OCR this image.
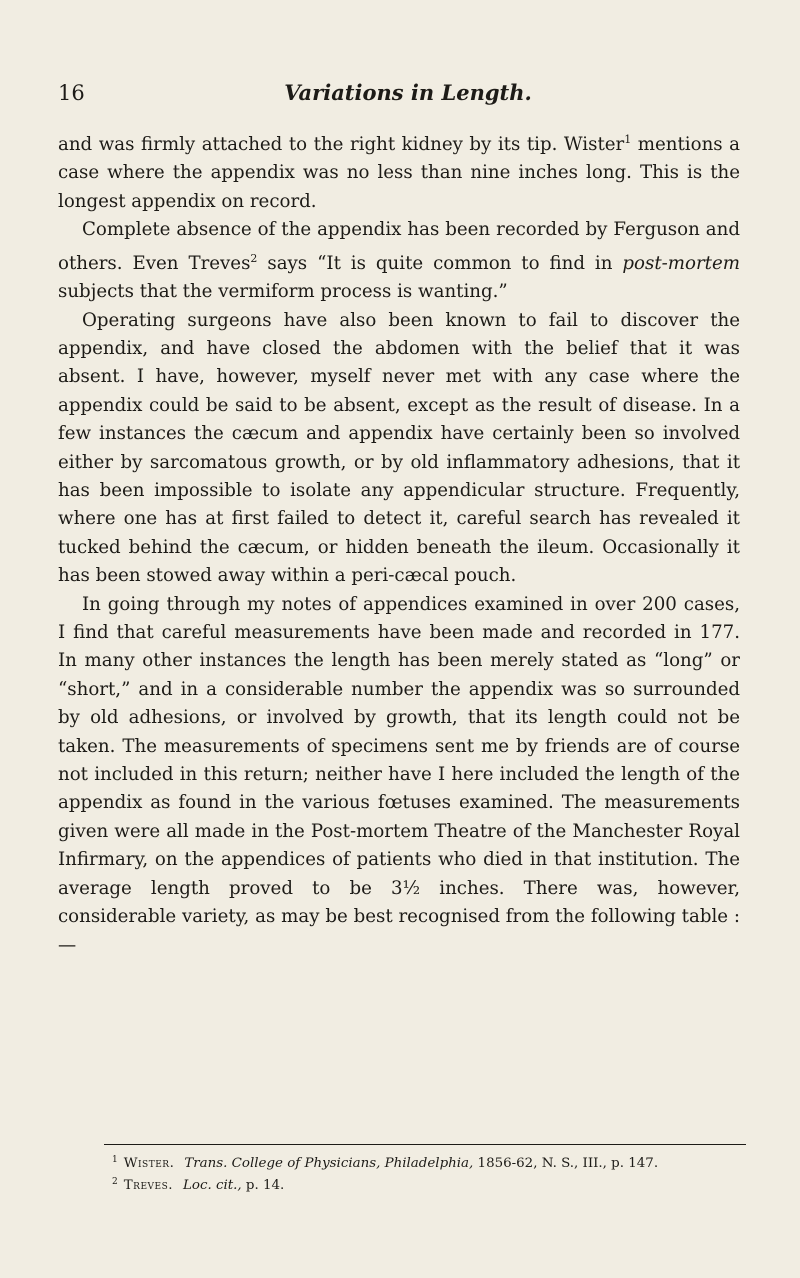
16	Variations in Length.

and was firmly attached to the right kidney by its tip. Wister$^1$ mentions a case where the appendix was no less than nine inches long. This is the longest appendix on record.

Complete absence of the appendix has been recorded by Ferguson and others. Even Treves$^2$ says “It is quite common to find in post-mortem subjects that the vermiform process is wanting.”

Operating surgeons have also been known to fail to discover the appendix, and have closed the abdomen with the belief that it was absent. I have, however, myself never met with any case where the appendix could be said to be absent, except as the result of disease. In a few instances the cæcum and appendix have certainly been so involved either by sarcomatous growth, or by old inflammatory adhesions, that it has been impossible to isolate any appendicular structure. Frequently, where one has at first failed to detect it, careful search has revealed it tucked behind the cæcum, or hidden beneath the ileum. Occasionally it has been stowed away within a peri-cæcal pouch.

In going through my notes of appendices examined in over 200 cases, I find that careful measurements have been made and recorded in 177. In many other instances the length has been merely stated as “long” or “short,” and in a considerable number the appendix was so surrounded by old adhesions, or involved by growth, that its length could not be taken. The measurements of specimens sent me by friends are of course not included in this return; neither have I here included the length of the appendix as found in the various fœtuses examined. The measurements given were all made in the Post-mortem Theatre of the Manchester Royal Infirmary, on the appendices of patients who died in that institution. The average length proved to be 3½ inches. There was, however, considerable variety, as may be best recognised from the following table :—

$^1$ Wister. Trans. College of Physicians, Philadelphia, 1856-62, N. S., III., p. 147.
$^2$ Treves. Loc. cit., p. 14.
